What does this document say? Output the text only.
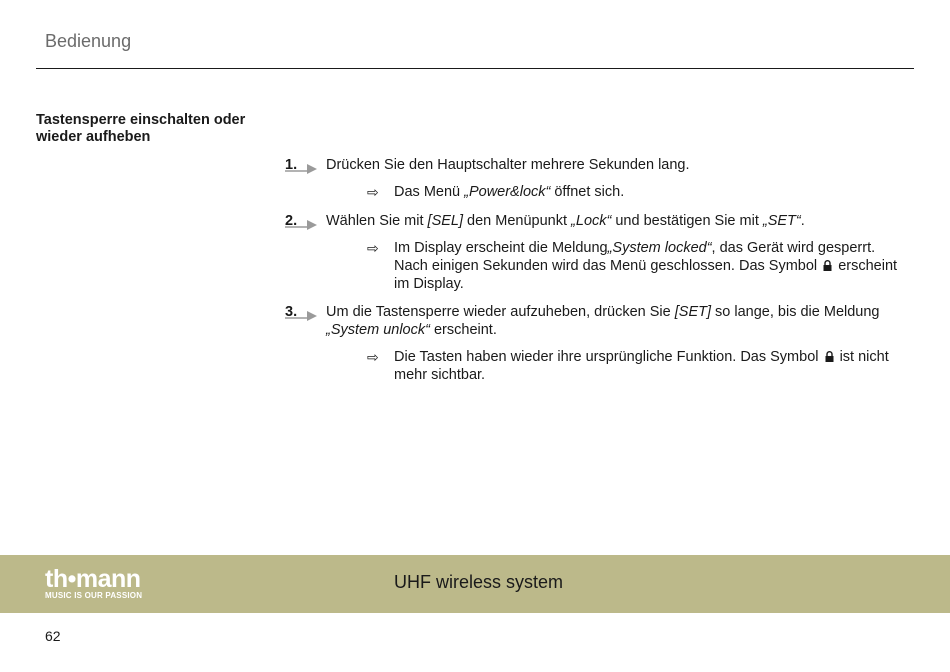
Bedienung
Tastensperre einschalten oder wieder aufheben
1.	Drücken Sie den Hauptschalter mehrere Sekunden lang.

⇨ Das Menü „Power&lock“ öffnet sich.
2.	Wählen Sie mit [SEL] den Menüpunkt „Lock“ und bestätigen Sie mit „SET“.

⇨ Im Display erscheint die Meldung„System locked“, das Gerät wird gesperrt. Nach einigen Sekunden wird das Menü geschlossen. Das Symbol erscheint im Display.
3.	Um die Tastensperre wieder aufzuheben, drücken Sie [SET] so lange, bis die Meldung „System unlock“ erscheint.

⇨ Die Tasten haben wieder ihre ursprüngliche Funktion. Das Symbol ist nicht mehr sichtbar.
th•mann
MUSIC IS OUR PASSION
UHF wireless system
62
